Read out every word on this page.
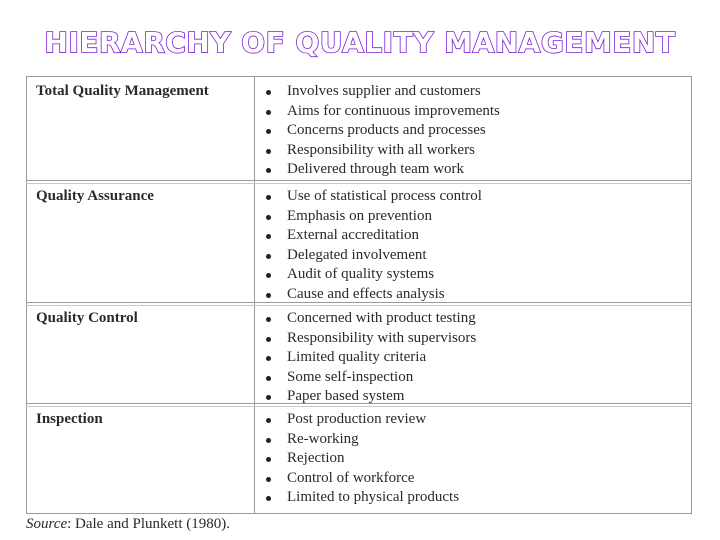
HIERARCHY OF QUALITY MANAGEMENT
Total Quality Management	Involves supplier and customers
Aims for continuous improvements
Concerns products and processes
Responsibility with all workers
Delivered through team work
Quality Assurance	Use of statistical process control
Emphasis on prevention
External accreditation
Delegated involvement
Audit of quality systems
Cause and effects analysis
Quality Control	Concerned with product testing
Responsibility with supervisors
Limited quality criteria
Some self-inspection
Paper based system
Inspection	Post production review
Re-working
Rejection
Control of workforce
Limited to physical products
Source: Dale and Plunkett (1980).
